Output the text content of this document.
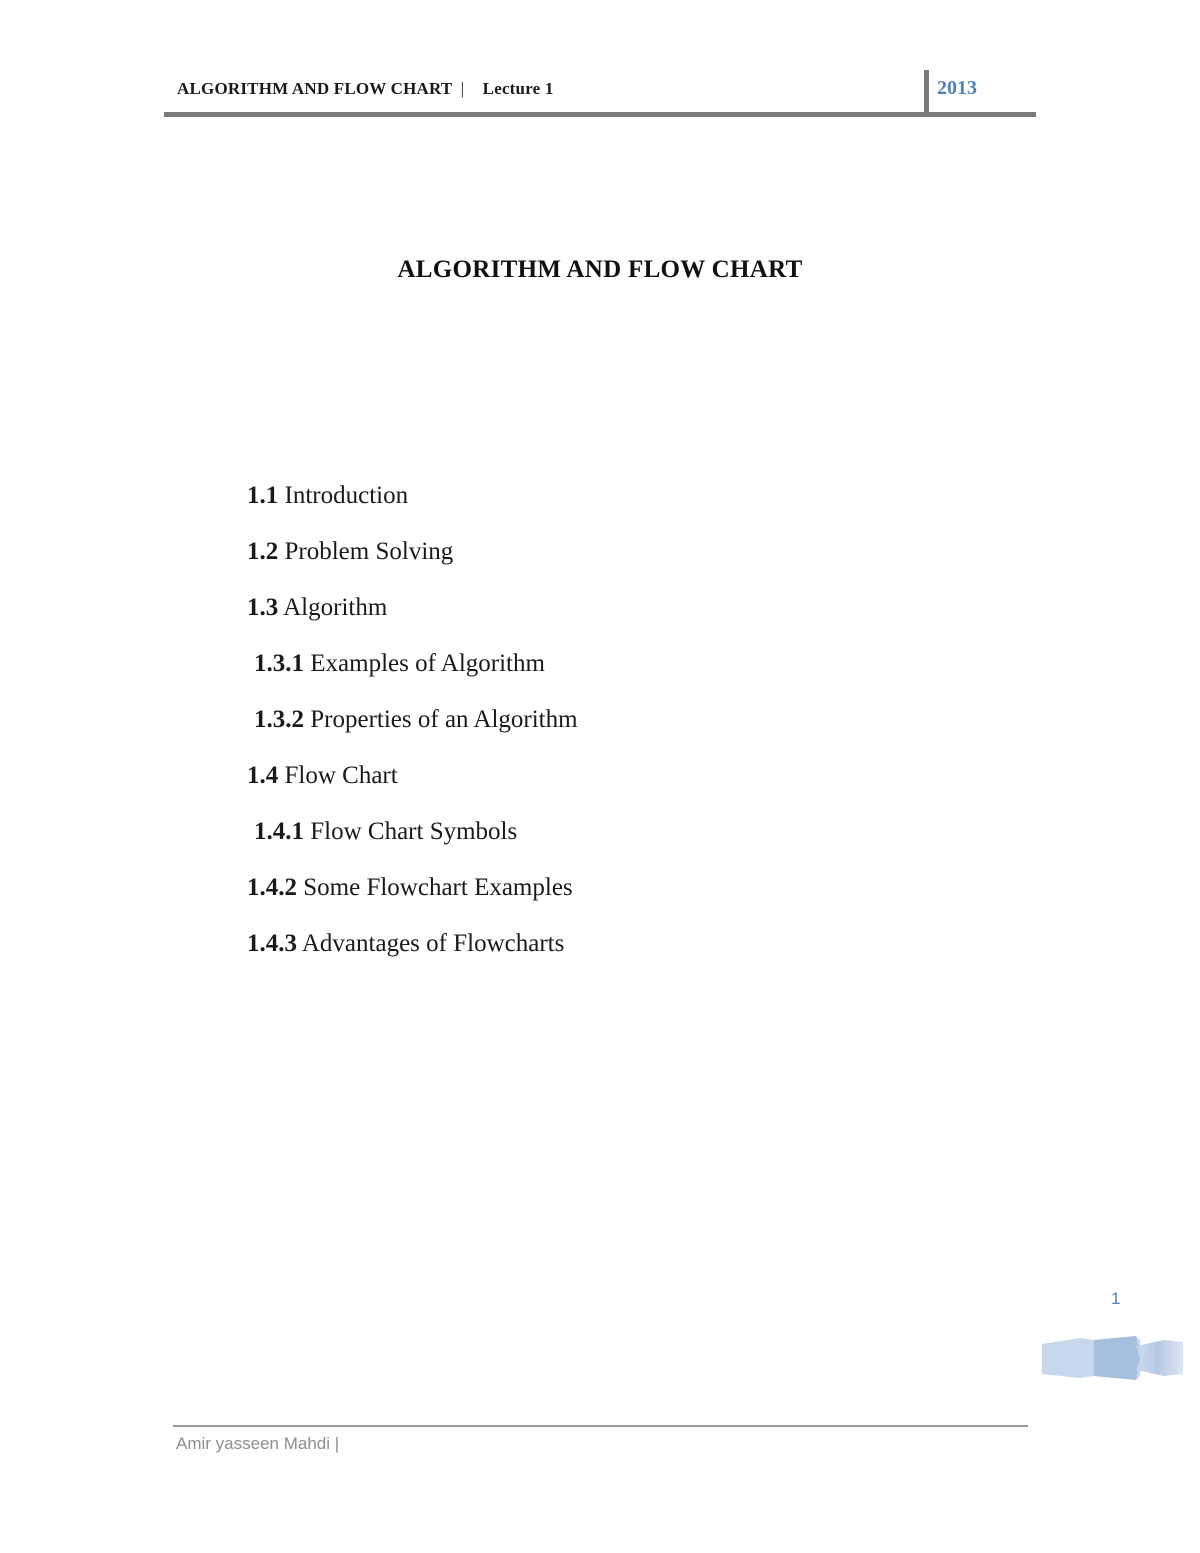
ALGORITHM AND FLOW CHART | Lecture 1	2013
ALGORITHM AND FLOW CHART
1.1 Introduction
1.2 Problem Solving
1.3 Algorithm
1.3.1 Examples of Algorithm
1.3.2 Properties of an Algorithm
1.4 Flow Chart
1.4.1 Flow Chart Symbols
1.4.2 Some Flowchart Examples
1.4.3 Advantages of Flowcharts
1
Amir yasseen Mahdi |
